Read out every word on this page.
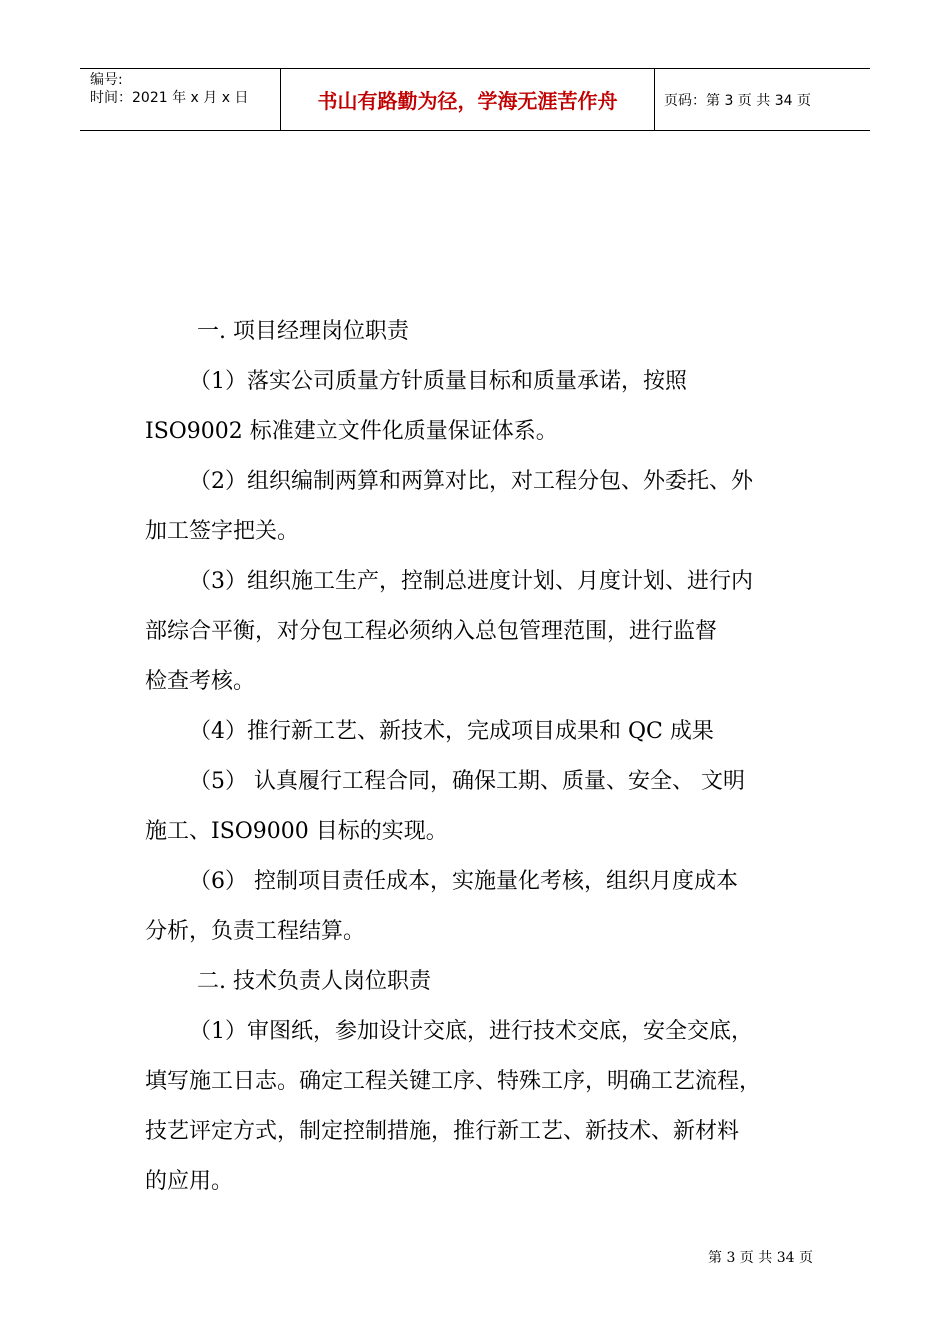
编号:
时间：2021 年 x 月 x 日	书山有路勤为径，学海无涯苦作舟	页码：第 3 页 共 34 页

一. 项目经理岗位职责

（1）落实公司质量方针质量目标和质量承诺，按照

ISO9002 标准建立文件化质量保证体系。

（2）组织编制两算和两算对比，对工程分包、外委托、外

加工签字把关。

（3）组织施工生产，控制总进度计划、月度计划、进行内

部综合平衡，对分包工程必须纳入总包管理范围，进行监督

检查考核。

（4）推行新工艺、新技术，完成项目成果和 QC 成果

（5） 认真履行工程合同，确保工期、质量、安全、 文明

施工、ISO9000 目标的实现。

（6） 控制项目责任成本，实施量化考核，组织月度成本

分析，负责工程结算。

二. 技术负责人岗位职责

（1）审图纸，参加设计交底，进行技术交底，安全交底，

填写施工日志。确定工程关键工序、特殊工序，明确工艺流程，

技艺评定方式，制定控制措施，推行新工艺、新技术、新材料

的应用。

第 3 页 共 34 页
